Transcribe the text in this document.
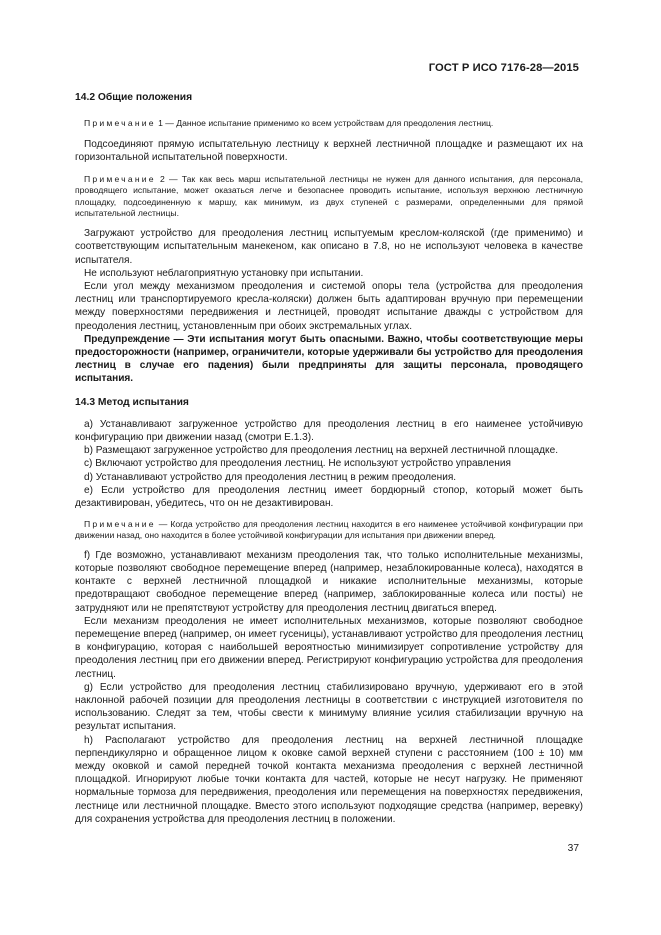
ГОСТ Р ИСО 7176-28—2015
14.2 Общие положения
Примечание 1 — Данное испытание применимо ко всем устройствам для преодоления лестниц.

Подсоединяют прямую испытательную лестницу к верхней лестничной площадке и размещают их на горизонтальной испытательной поверхности.

Примечание 2 — Так как весь марш испытательной лестницы не нужен для данного испытания, для персонала, проводящего испытание, может оказаться легче и безопаснее проводить испытание, используя верхнюю лестничную площадку, подсоединенную к маршу, как минимум, из двух ступеней с размерами, определенными для прямой испытательной лестницы.

Загружают устройство для преодоления лестниц испытуемым креслом-коляской (где применимо) и соответствующим испытательным манекеном, как описано в 7.8, но не используют человека в качестве испытателя.

Не используют неблагоприятную установку при испытании.

Если угол между механизмом преодоления и системой опоры тела (устройства для преодоления лестниц или транспортируемого кресла-коляски) должен быть адаптирован вручную при перемещении между поверхностями передвижения и лестницей, проводят испытание дважды с устройством для преодоления лестниц, установленным при обоих экстремальных углах.

Предупреждение — Эти испытания могут быть опасными. Важно, чтобы соответствующие меры предосторожности (например, ограничители, которые удерживали бы устройство для преодоления лестниц в случае его падения) были предприняты для защиты персонала, проводящего испытания.

14.3 Метод испытания

а) Устанавливают загруженное устройство для преодоления лестниц в его наименее устойчивую конфигурацию при движении назад (смотри Е.1.3).

b) Размещают загруженное устройство для преодоления лестниц на верхней лестничной площадке.

c) Включают устройство для преодоления лестниц. Не используют устройство управления

d) Устанавливают устройство для преодоления лестниц в режим преодоления.

e) Если устройство для преодоления лестниц имеет бордюрный стопор, который может быть дезактивирован, убедитесь, что он не дезактивирован.

Примечание — Когда устройство для преодоления лестниц находится в его наименее устойчивой конфигурации при движении назад, оно находится в более устойчивой конфигурации для испытания при движении вперед.

f) Где возможно, устанавливают механизм преодоления так, что только исполнительные механизмы, которые позволяют свободное перемещение вперед (например, незаблокированные колеса), находятся в контакте с верхней лестничной площадкой и никакие исполнительные механизмы, которые предотвращают свободное перемещение вперед (например, заблокированные колеса или посты) не затрудняют или не препятствуют устройству для преодоления лестниц двигаться вперед.

Если механизм преодоления не имеет исполнительных механизмов, которые позволяют свободное перемещение вперед (например, он имеет гусеницы), устанавливают устройство для преодоления лестниц в конфигурацию, которая с наибольшей вероятностью минимизирует сопротивление устройству для преодоления лестниц при его движении вперед. Регистрируют конфигурацию устройства для преодоления лестниц.

g) Если устройство для преодоления лестниц стабилизировано вручную, удерживают его в этой наклонной рабочей позиции для преодоления лестницы в соответствии с инструкцией изготовителя по использованию. Следят за тем, чтобы свести к минимуму влияние усилия стабилизации вручную на результат испытания.

h) Располагают устройство для преодоления лестниц на верхней лестничной площадке перпендикулярно и обращенное лицом к оковке самой верхней ступени с расстоянием (100 ± 10) мм между оковкой и самой передней точкой контакта механизма преодоления с верхней лестничной площадкой. Игнорируют любые точки контакта для частей, которые не несут нагрузку. Не применяют нормальные тормоза для передвижения, преодоления или перемещения на поверхностях передвижения, лестнице или лестничной площадке. Вместо этого используют подходящие средства (например, веревку) для сохранения устройства для преодоления лестниц в положении.

37
